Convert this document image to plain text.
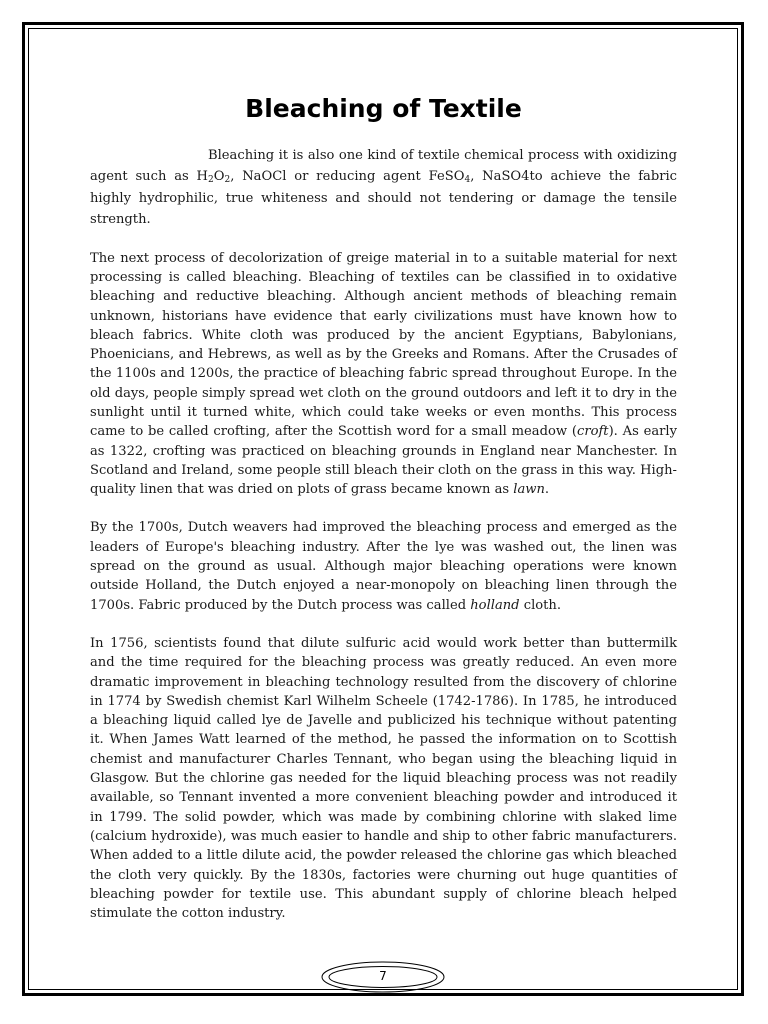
Bleaching of Textile

Bleaching it is also one kind of textile chemical process with oxidizing agent such as $H_2O_2$, NaOCl or reducing agent FeSO$_4$, NaSO4to achieve the fabric highly hydrophilic, true whiteness and should not tendering or damage the tensile strength.

The next process of decolorization of greige material in to a suitable material for next processing is called bleaching. Bleaching of textiles can be classified in to oxidative bleaching and reductive bleaching. Although ancient methods of bleaching remain unknown, historians have evidence that early civilizations must have known how to bleach fabrics. White cloth was produced by the ancient Egyptians, Babylonians, Phoenicians, and Hebrews, as well as by the Greeks and Romans. After the Crusades of the 1100s and 1200s, the practice of bleaching fabric spread throughout Europe. In the old days, people simply spread wet cloth on the ground outdoors and left it to dry in the sunlight until it turned white, which could take weeks or even months. This process came to be called crofting, after the Scottish word for a small meadow (croft). As early as 1322, crofting was practiced on bleaching grounds in England near Manchester. In Scotland and Ireland, some people still bleach their cloth on the grass in this way. High-quality linen that was dried on plots of grass became known as lawn.

By the 1700s, Dutch weavers had improved the bleaching process and emerged as the leaders of Europe's bleaching industry. After the lye was washed out, the linen was spread on the ground as usual. Although major bleaching operations were known outside Holland, the Dutch enjoyed a near-monopoly on bleaching linen through the 1700s. Fabric produced by the Dutch process was called holland cloth.

In 1756, scientists found that dilute sulfuric acid would work better than buttermilk and the time required for the bleaching process was greatly reduced. An even more dramatic improvement in bleaching technology resulted from the discovery of chlorine in 1774 by Swedish chemist Karl Wilhelm Scheele (1742-1786). In 1785, he introduced a bleaching liquid called lye de Javelle and publicized his technique without patenting it. When James Watt learned of the method, he passed the information on to Scottish chemist and manufacturer Charles Tennant, who began using the bleaching liquid in Glasgow. But the chlorine gas needed for the liquid bleaching process was not readily available, so Tennant invented a more convenient bleaching powder and introduced it in 1799. The solid powder, which was made by combining chlorine with slaked lime (calcium hydroxide), was much easier to handle and ship to other fabric manufacturers. When added to a little dilute acid, the powder released the chlorine gas which bleached the cloth very quickly. By the 1830s, factories were churning out huge quantities of bleaching powder for textile use. This abundant supply of chlorine bleach helped stimulate the cotton industry.

7
